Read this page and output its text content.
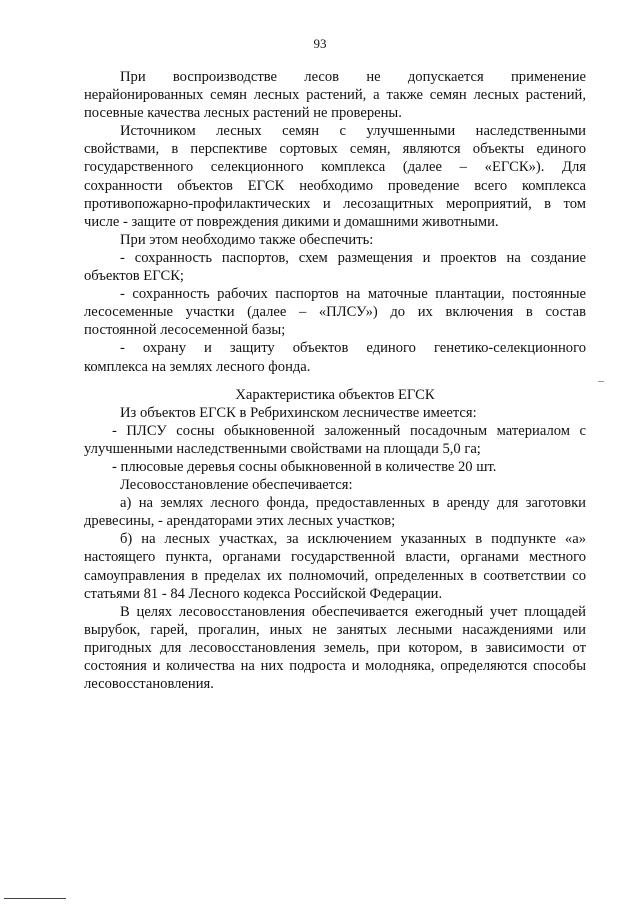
93
При воспроизводстве лесов не допускается применение
нерайонированных семян лесных растений, а также семян лесных растений,
посевные качества лесных растений не проверены.
Источником лесных семян с улучшенными наследственными
свойствами, в перспективе сортовых семян, являются объекты единого
государственного селекционного комплекса (далее – «ЕГСК»). Для
сохранности объектов ЕГСК необходимо проведение всего комплекса
противопожарно-профилактических и лесозащитных мероприятий, в том
числе - защите от повреждения дикими и домашними животными.
При этом необходимо также обеспечить:
- сохранность паспортов, схем размещения и проектов на создание
объектов ЕГСК;
- сохранность рабочих паспортов на маточные плантации, постоянные
лесосеменные участки (далее – «ПЛСУ») до их включения в состав
постоянной лесосеменной базы;
- охрану и защиту объектов единого генетико-селекционного
комплекса на землях лесного фонда.
Характеристика объектов ЕГСК
Из объектов ЕГСК в Ребрихинском лесничестве имеется:
- ПЛСУ сосны обыкновенной заложенный посадочным материалом с
улучшенными наследственными свойствами на площади 5,0 га;
- плюсовые деревья сосны обыкновенной в количестве 20 шт.
Лесовосстановление обеспечивается:
а) на землях лесного фонда, предоставленных в аренду для заготовки
древесины, - арендаторами этих лесных участков;
б) на лесных участках, за исключением указанных в подпункте «а»
настоящего пункта, органами государственной власти, органами местного
самоуправления в пределах их полномочий, определенных в соответствии со
статьями 81 - 84 Лесного кодекса Российской Федерации.
В целях лесовосстановления обеспечивается ежегодный учет площадей
вырубок, гарей, прогалин, иных не занятых лесными насаждениями или
пригодных для лесовосстановления земель, при котором, в зависимости от
состояния и количества на них подроста и молодняка, определяются способы
лесовосстановления.
